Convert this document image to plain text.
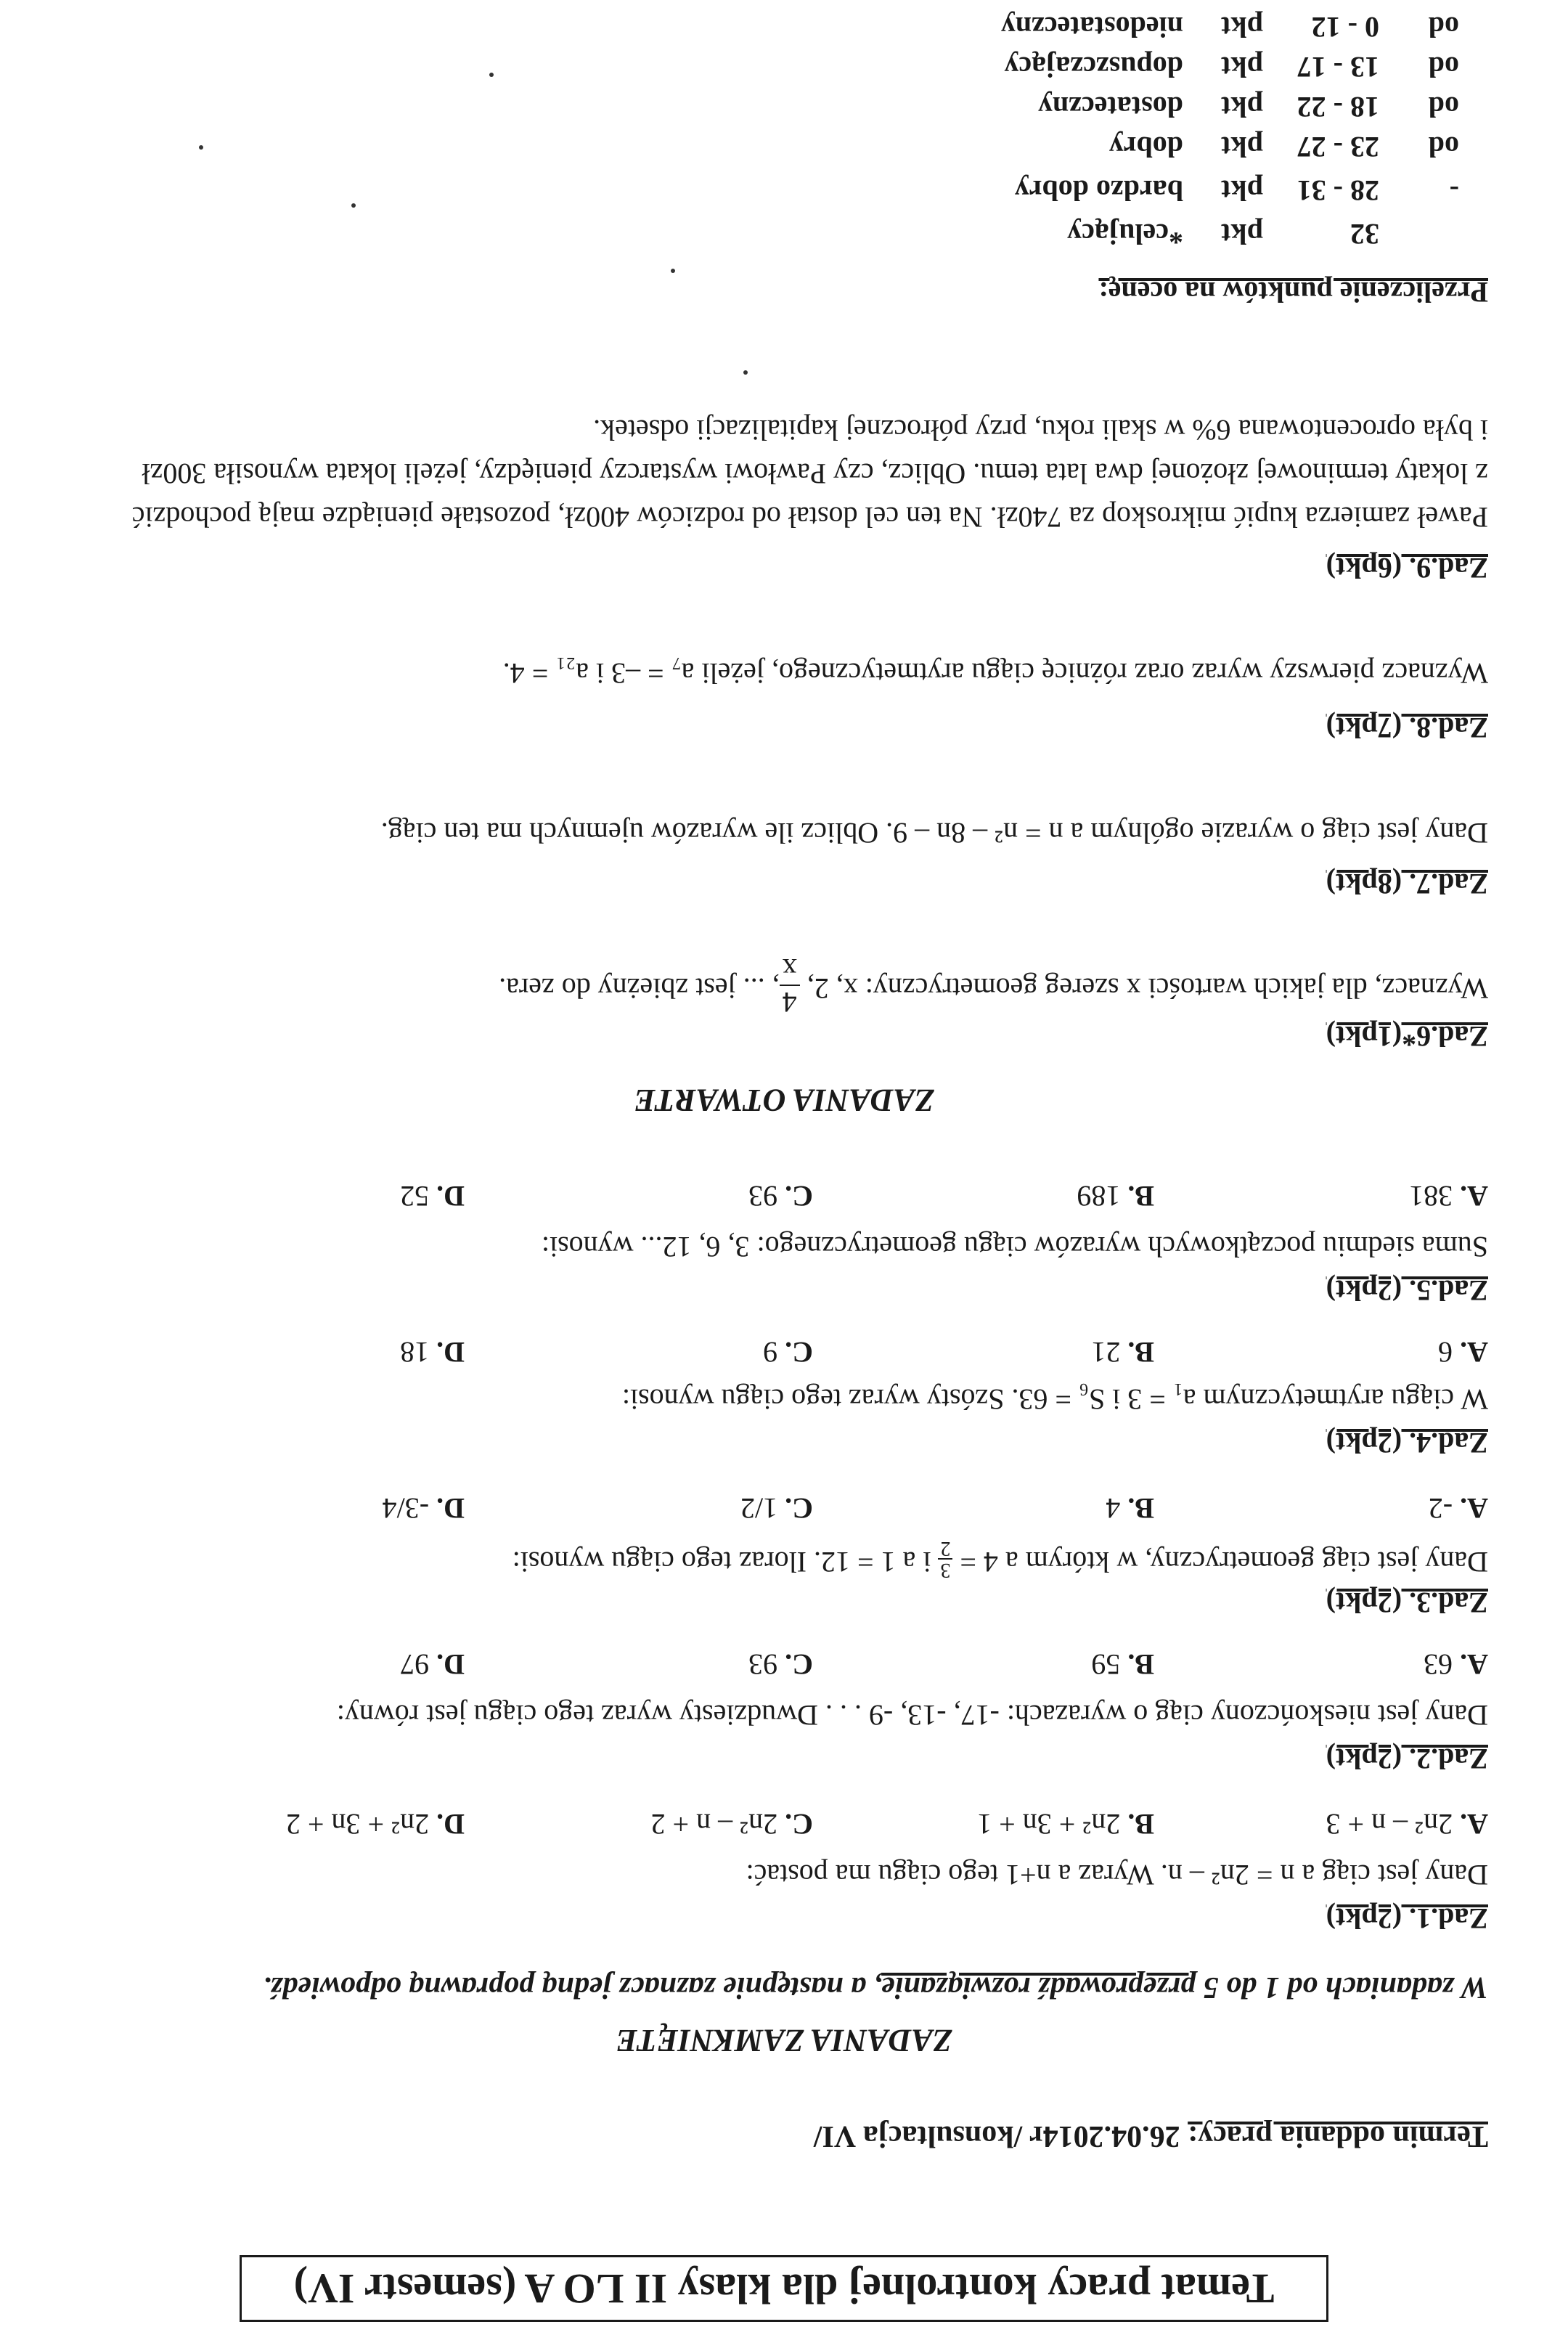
Temat pracy kontrolnej dla klasy II LO A (semestr IV)
Termin oddania pracy: 26.04.2014r /konsultacja VI/
ZADANIA ZAMKNIĘTE
W zadaniach od 1 do 5 przeprowadź rozwiązanie, a następnie zaznacz jedną poprawną odpowiedź.
Zad.1. (2pkt)
Dany jest ciąg a n = 2n² – n. Wyraz a n+1 tego ciągu ma postać:
A. 2n² – n + 3
B. 2n² + 3n + 1
C. 2n² – n + 2
D. 2n² + 3n + 2
Zad.2. (2pkt)
Dany jest nieskończony ciąg o wyrazach: -17, -13, -9 . . . Dwudziesty wyraz tego ciągu jest równy:
A. 63
B. 59
C. 93
D. 97
Zad.3. (2pkt)
Dany jest ciąg geometryczny, w którym a 4 =
3
2
i a 1 = 12. Iloraz tego ciągu wynosi:
A. -2
B. 4
C. 1/2
D. -3/4
Zad.4. (2pkt)
W ciągu arytmetycznym a₁ = 3 i S₆ = 63. Szósty wyraz tego ciągu wynosi:
A. 6
B. 21
C. 9
D. 18
Zad.5. (2pkt)
Suma siedmiu początkowych wyrazów ciągu geometrycznego: 3, 6, 12... wynosi:
A. 381
B. 189
C. 93
D. 52
ZADANIA OTWARTE
Zad.6*(1pkt)
Wyznacz, dla jakich wartości x szereg geometryczny: x, 2,
4
x
, ... jest zbieżny do zera.
Zad.7. (8pkt)
Dany jest ciąg o wyrazie ogólnym a n = n² – 8n – 9. Oblicz ile wyrazów ujemnych ma ten ciąg.
Zad.8. (7pkt)
Wyznacz pierwszy wyraz oraz różnicę ciągu arytmetycznego, jeżeli a₇ = –3 i a₂₁ = 4.
Zad.9. (6pkt)
Paweł zamierza kupić mikroskop za 740zł. Na ten cel dostał od rodziców 400zł, pozostałe pieniądze mają pochodzić
z lokaty terminowej złożonej dwa lata temu. Oblicz, czy Pawłowi wystarczy pieniędzy, jeżeli lokata wynosiła 300zł
i była oprocentowana 6% w skali roku, przy półrocznej kapitalizacji odsetek.
Przeliczenie punktów na ocenę:
32
pkt
*celujący
-
28 - 31
pkt
bardzo dobry
od
23 - 27
pkt
dobry
od
18 - 22
pkt
dostateczny
od
13 - 17
pkt
dopuszczający
od
0 - 12
pkt
niedostateczny
